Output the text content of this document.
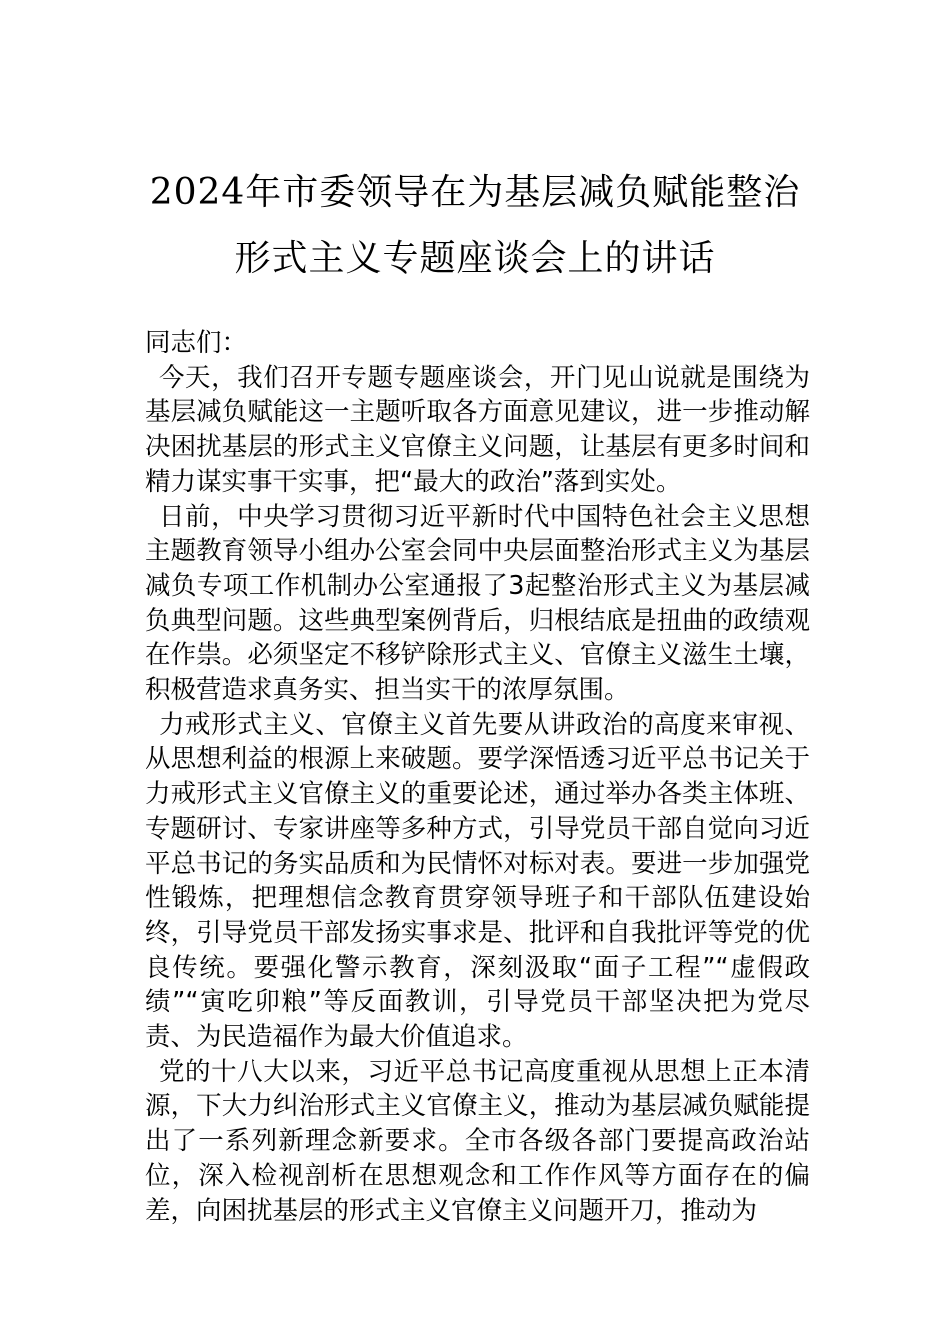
2024年市委领导在为基层减负赋能整治形式主义专题座谈会上的讲话

同志们：

今天，我们召开专题专题座谈会，开门见山说就是围绕为基层减负赋能这一主题听取各方面意见建议，进一步推动解决困扰基层的形式主义官僚主义问题，让基层有更多时间和精力谋实事干实事，把“最大的政治”落到实处。

日前，中央学习贯彻习近平新时代中国特色社会主义思想主题教育领导小组办公室会同中央层面整治形式主义为基层减负专项工作机制办公室通报了3起整治形式主义为基层减负典型问题。这些典型案例背后，归根结底是扭曲的政绩观在作祟。必须坚定不移铲除形式主义、官僚主义滋生土壤，积极营造求真务实、担当实干的浓厚氛围。

力戒形式主义、官僚主义首先要从讲政治的高度来审视、从思想利益的根源上来破题。要学深悟透习近平总书记关于力戒形式主义官僚主义的重要论述，通过举办各类主体班、专题研讨、专家讲座等多种方式，引导党员干部自觉向习近平总书记的务实品质和为民情怀对标对表。要进一步加强党性锻炼，把理想信念教育贯穿领导班子和干部队伍建设始终，引导党员干部发扬实事求是、批评和自我批评等党的优良传统。要强化警示教育，深刻汲取“面子工程”“虚假政绩”“寅吃卯粮”等反面教训，引导党员干部坚决把为党尽责、为民造福作为最大价值追求。

党的十八大以来，习近平总书记高度重视从思想上正本清源，下大力纠治形式主义官僚主义，推动为基层减负赋能提出了一系列新理念新要求。全市各级各部门要提高政治站位，深入检视剖析在思想观念和工作作风等方面存在的偏差，向困扰基层的形式主义官僚主义问题开刀，推动为
